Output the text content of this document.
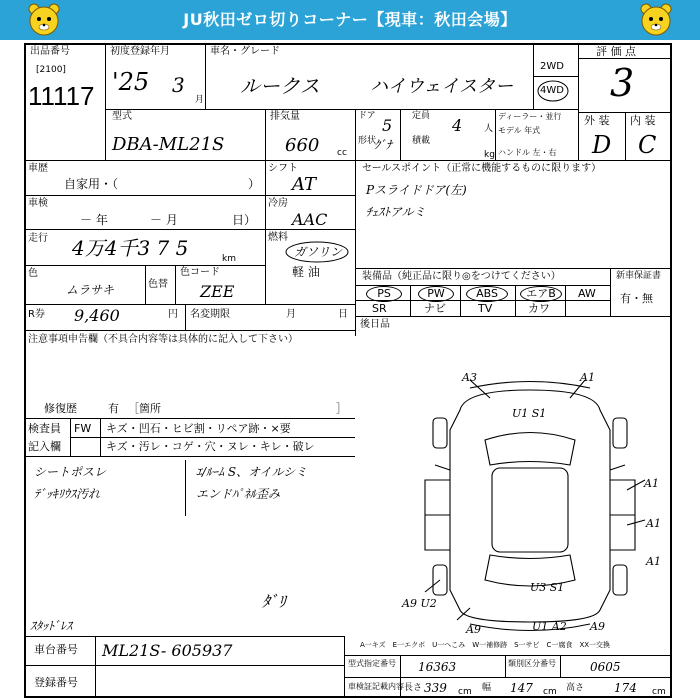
JU秋田ゼロ切りコーナー【現車：秋田会場】
出品番号
[2100]
11117
初度登録年月
'25 3
月
車名・グレード
ルークス	ハイウェイスター
2WD
4WD
評 価 点
3
型式
DBA-ML21S
排気量
660 cc
ドア 5
形状
ｸﾞﾅ
定員 4 人
積載
kg
ディーラー・並行
モデル 年式
ハンドル 左・右
外 装
D
内 装
C
車歴
自家用・（	）
シフト
AT
車検
－ 年	－ 月	日）
冷房
AAC
走行 4万4千3 7 5	km
燃料
ガソリン
軽 油
色
ムラサキ	色替
色コード
ZEE
R券 9,460	円 名変期限	月	日
注意事項申告欄（不具合内容等は具体的に記入して下さい）
修復歴	有 ［箇所	］
検査員
記入欄
FW キズ・凹石・ヒビ割・リペア跡・×要
キズ・汚レ・コゲ・穴・ヌレ・キレ・破レ
シートポスレ
ﾃﾞｯｷﾘｳｽ汚れ
ｴ/ﾙｰﾑ S、オイルシミ
エンドﾊﾟﾈﾙ歪み
ｽﾀｯﾄﾞﾚｽ
セールスポイント（正常に機能するものに限ります）
Pスライドドア(左)
ﾁｪｽﾄアルミ
装備品（純正品に限り◎をつけてください）
PS	PW	ABS	エアB	AW
SR	ナビ	TV	カワ
新車保証書
有・無
後日品
A3	A1
U1 S1
A1
A1
A1
U3 S1
A9 U2
A9	U1 A2 A9
ﾀﾞﾘ
A一キズ　E一エクボ　U一へこみ　W一補修跡　S一サビ　C一腐食　XX一交換
車台番号 ML21S- 605937
登録番号
型式指定番号 16363	類別区分番号	0605
車検証記載内容 長さ 339 cm 幅 147 cm 高さ 174 cm
